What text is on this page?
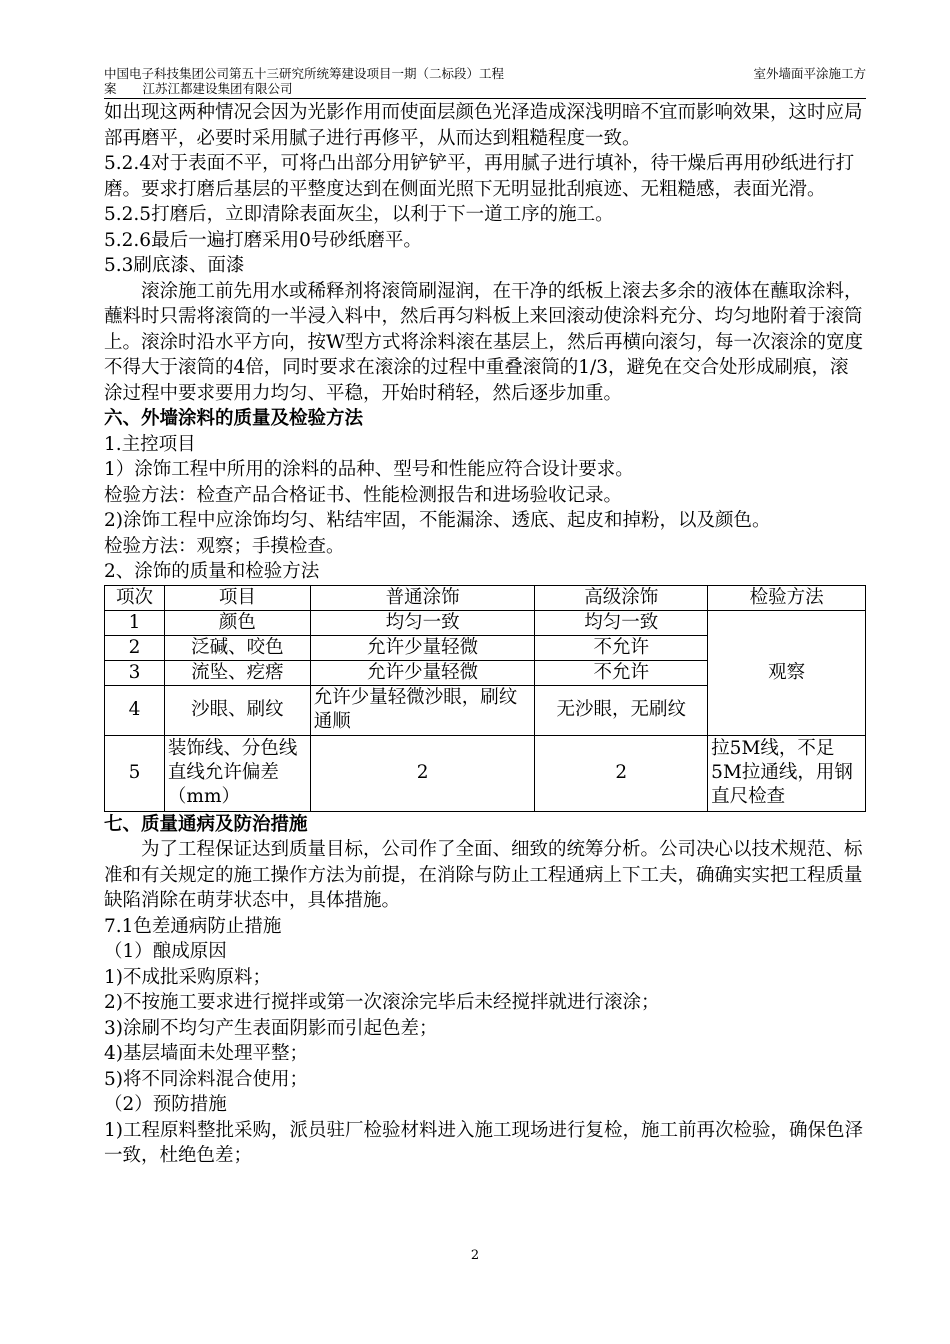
中国电子科技集团公司第五十三研究所统筹建设项目一期（二标段）工程
案 江苏江都建设集团有限公司
室外墙面平涂施工方

如出现这两种情况会因为光影作用而使面层颜色光泽造成深浅明暗不宜而影响效果，这时应局部再磨平，必要时采用腻子进行再修平，从而达到粗糙程度一致。

5.2.4对于表面不平，可将凸出部分用铲铲平，再用腻子进行填补，待干燥后再用砂纸进行打磨。要求打磨后基层的平整度达到在侧面光照下无明显批刮痕迹、无粗糙感，表面光滑。

5.2.5打磨后，立即清除表面灰尘，以利于下一道工序的施工。

5.2.6最后一遍打磨采用0号砂纸磨平。

5.3刷底漆、面漆

滚涂施工前先用水或稀释剂将滚筒刷湿润，在干净的纸板上滚去多余的液体在蘸取涂料，蘸料时只需将滚筒的一半浸入料中，然后再匀料板上来回滚动使涂料充分、均匀地附着于滚筒上。滚涂时沿水平方向，按W型方式将涂料滚在基层上，然后再横向滚匀，每一次滚涂的宽度不得大于滚筒的4倍，同时要求在滚涂的过程中重叠滚筒的1/3，避免在交合处形成刷痕，滚涂过程中要求要用力均匀、平稳，开始时稍轻，然后逐步加重。

六、外墙涂料的质量及检验方法

1.主控项目

1）涂饰工程中所用的涂料的品种、型号和性能应符合设计要求。

检验方法：检查产品合格证书、性能检测报告和进场验收记录。

2)涂饰工程中应涂饰均匀、粘结牢固，不能漏涂、透底、起皮和掉粉，以及颜色。

检验方法：观察；手摸检查。

2、涂饰的质量和检验方法

项次	项目	普通涂饰	高级涂饰	检验方法
1	颜色	均匀一致	均匀一致	观察
2	泛碱、咬色	允许少量轻微	不允许	
3	流坠、疙瘩	允许少量轻微	不允许	
4	沙眼、刷纹	允许少量轻微沙眼，刷纹通顺	无沙眼，无刷纹	
5	装饰线、分色线直线允许偏差（mm）	2	2	拉5M线，不足5M拉通线，用钢直尺检查

七、质量通病及防治措施

为了工程保证达到质量目标，公司作了全面、细致的统筹分析。公司决心以技术规范、标准和有关规定的施工操作方法为前提，在消除与防止工程通病上下工夫，确确实实把工程质量缺陷消除在萌芽状态中，具体措施。

7.1色差通病防止措施

（1）酿成原因

1)不成批采购原料；

2)不按施工要求进行搅拌或第一次滚涂完毕后未经搅拌就进行滚涂；

3)涂刷不均匀产生表面阴影而引起色差；

4)基层墙面未处理平整；

5)将不同涂料混合使用；

（2）预防措施

1)工程原料整批采购，派员驻厂检验材料进入施工现场进行复检，施工前再次检验，确保色泽一致，杜绝色差；

2
